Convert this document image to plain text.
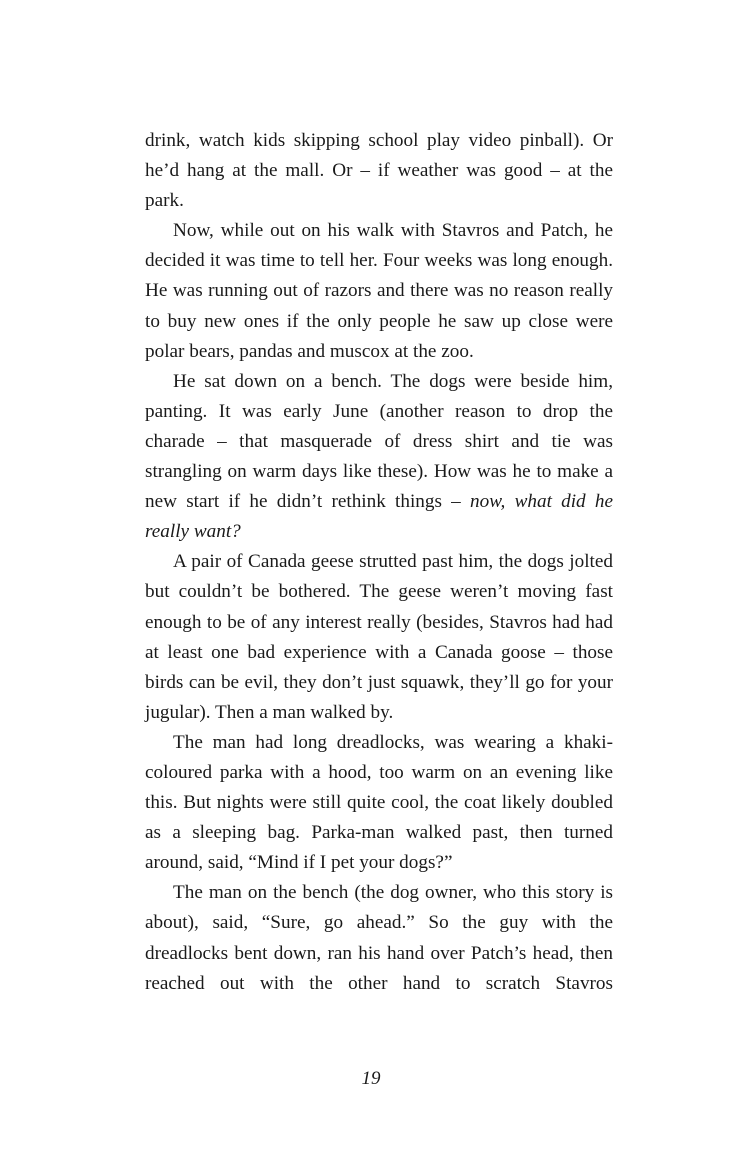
drink, watch kids skipping school play video pinball). Or he’d hang at the mall. Or – if weather was good – at the park.

Now, while out on his walk with Stavros and Patch, he decided it was time to tell her. Four weeks was long enough. He was running out of razors and there was no reason really to buy new ones if the only people he saw up close were polar bears, pandas and muscox at the zoo.

He sat down on a bench. The dogs were beside him, panting. It was early June (another reason to drop the charade – that masquerade of dress shirt and tie was strangling on warm days like these). How was he to make a new start if he didn’t rethink things – now, what did he really want?

A pair of Canada geese strutted past him, the dogs jolted but couldn’t be bothered. The geese weren’t moving fast enough to be of any interest really (besides, Stavros had had at least one bad experience with a Canada goose – those birds can be evil, they don’t just squawk, they’ll go for your jugular). Then a man walked by.

The man had long dreadlocks, was wearing a khaki-coloured parka with a hood, too warm on an evening like this. But nights were still quite cool, the coat likely doubled as a sleeping bag. Parka-man walked past, then turned around, said, “Mind if I pet your dogs?”

The man on the bench (the dog owner, who this story is about), said, “Sure, go ahead.” So the guy with the dreadlocks bent down, ran his hand over Patch’s head, then reached out with the other hand to scratch Stavros

19
